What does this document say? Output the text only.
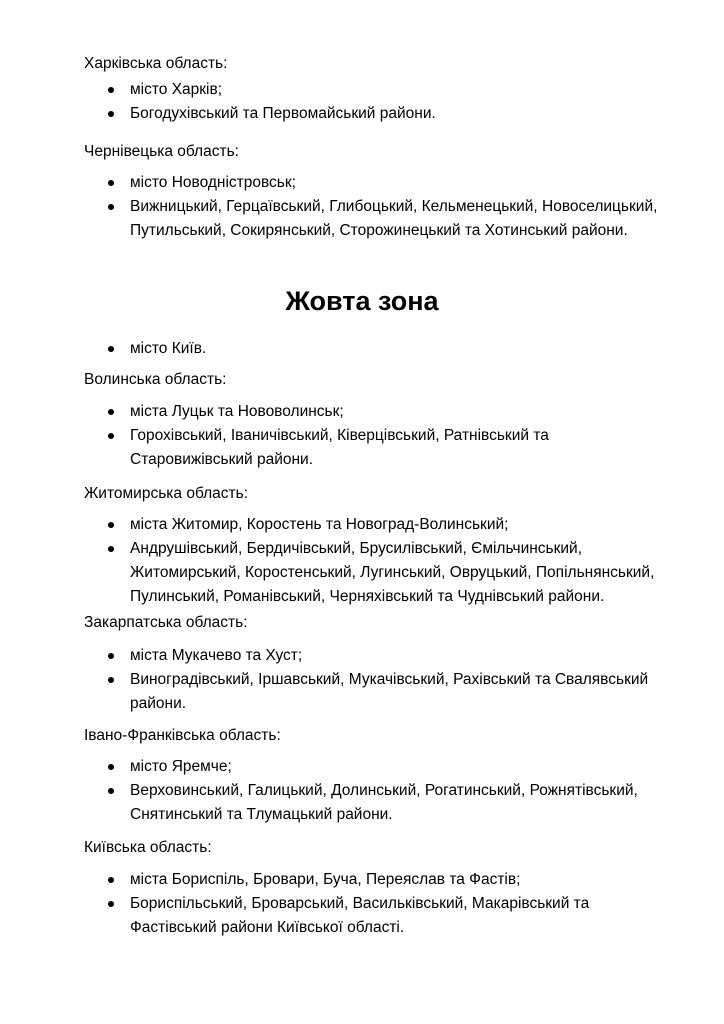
Харківська область:
місто Харків;
Богодухівський та Первомайський райони.
Чернівецька область:
місто Новодністровськ;
Вижницький, Герцаївський, Глибоцький, Кельменецький, Новоселицький, Путильський, Сокирянський, Сторожинецький та Хотинський райони.
Жовта зона
місто Київ.
Волинська область:
міста Луцьк та Нововолинськ;
Горохівський, Іваничівський, Ківерцівський, Ратнівський та Старовижівський райони.
Житомирська область:
міста Житомир, Коростень та Новоград-Волинський;
Андрушівський, Бердичівський, Брусилівський, Ємільчинський, Житомирський, Коростенський, Лугинський, Овруцький, Попільнянський, Пулинський, Романівський, Черняхівський та Чуднівський райони.
Закарпатська область:
міста Мукачево та Хуст;
Виноградівський, Іршавський, Мукачівський, Рахівський та Свалявський райони.
Івано-Франківська область:
місто Яремче;
Верховинський, Галицький, Долинський, Рогатинський, Рожнятівський, Снятинський та Тлумацький райони.
Київська область:
міста Бориспіль, Бровари, Буча, Переяслав та Фастів;
Бориспільський, Броварський, Васильківський, Макарівський та Фастівський райони Київської області.
